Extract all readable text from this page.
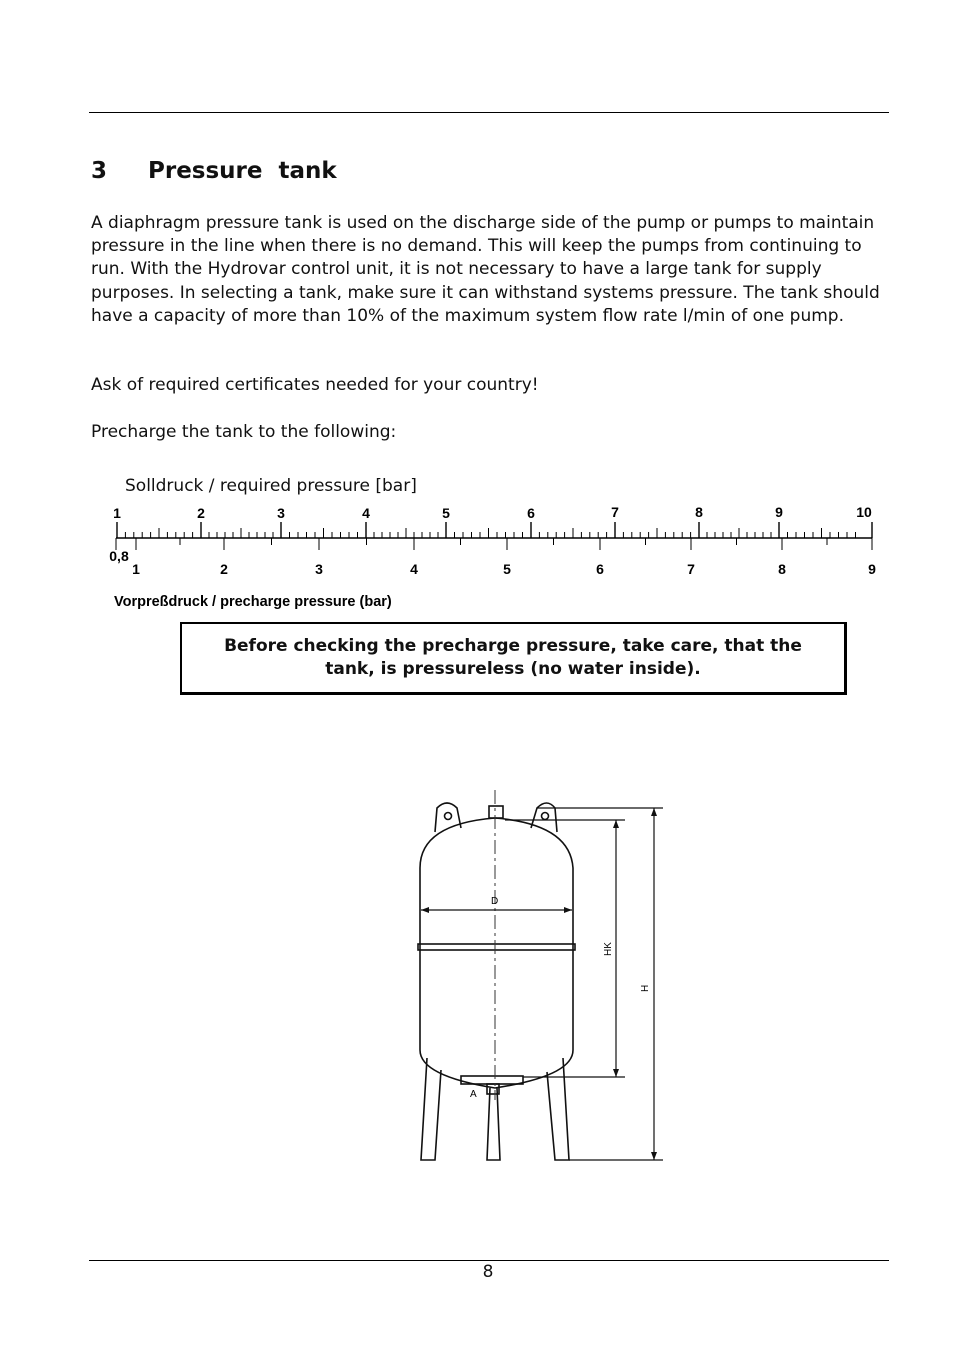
3 Pressure  tank

A diaphragm pressure tank is used on the discharge side of the pump or pumps to maintain pressure in the line when there is no demand. This will keep the pumps from continuing to run. With the Hydrovar control unit, it is not necessary to have a large tank for supply purposes. In selecting a tank, make sure it can withstand systems pressure. The tank should have a capacity of more than 10% of the maximum system flow rate l/min of one pump.

Ask of required certificates needed for your country!

Precharge the tank to the following:

Solldruck / required pressure [bar]
1	2	3	4	5	6	7	8	9	10
0,8
1	2	3	4	5	6	7	8	9
Vorpreßdruck / precharge pressure (bar)
Before checking the precharge pressure, take care, that the tank, is pressureless (no water inside).
D
HK
H
A
8
